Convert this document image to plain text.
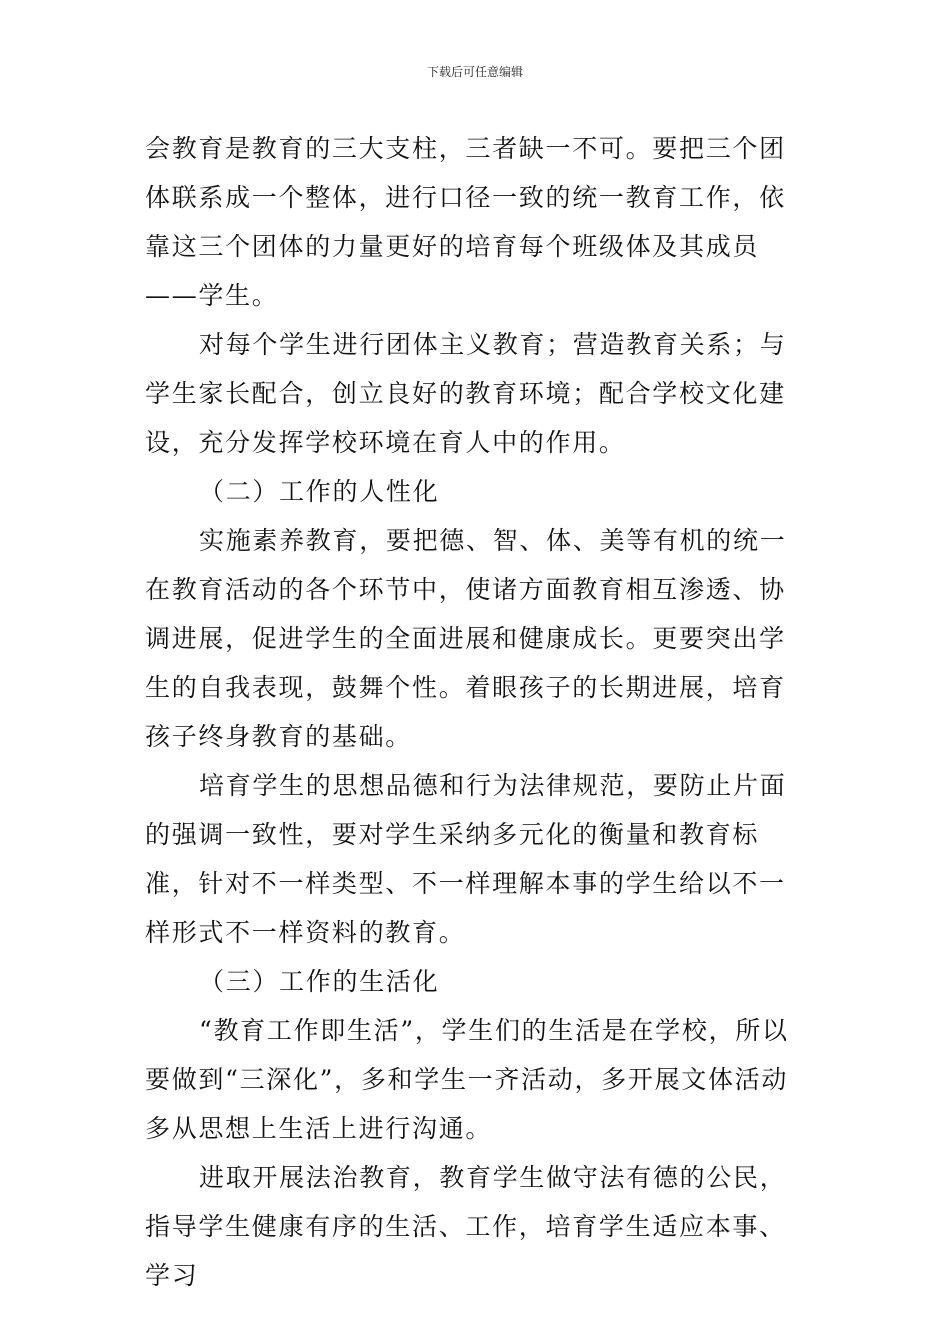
下载后可任意编辑

会教育是教育的三大支柱，三者缺一不可。要把三个团体联系成一个整体，进行口径一致的统一教育工作，依靠这三个团体的力量更好的培育每个班级体及其成员——学生。

对每个学生进行团体主义教育；营造教育关系；与学生家长配合，创立良好的教育环境；配合学校文化建设，充分发挥学校环境在育人中的作用。

（二）工作的人性化

实施素养教育，要把德、智、体、美等有机的统一在教育活动的各个环节中，使诸方面教育相互渗透、协调进展，促进学生的全面进展和健康成长。更要突出学生的自我表现，鼓舞个性。着眼孩子的长期进展，培育孩子终身教育的基础。

培育学生的思想品德和行为法律规范，要防止片面的强调一致性，要对学生采纳多元化的衡量和教育标准，针对不一样类型、不一样理解本事的学生给以不一样形式不一样资料的教育。

（三）工作的生活化

“教育工作即生活”，学生们的生活是在学校，所以要做到“三深化”，多和学生一齐活动，多开展文体活动多从思想上生活上进行沟通。

进取开展法治教育，教育学生做守法有德的公民，指导学生健康有序的生活、工作，培育学生适应本事、学习
